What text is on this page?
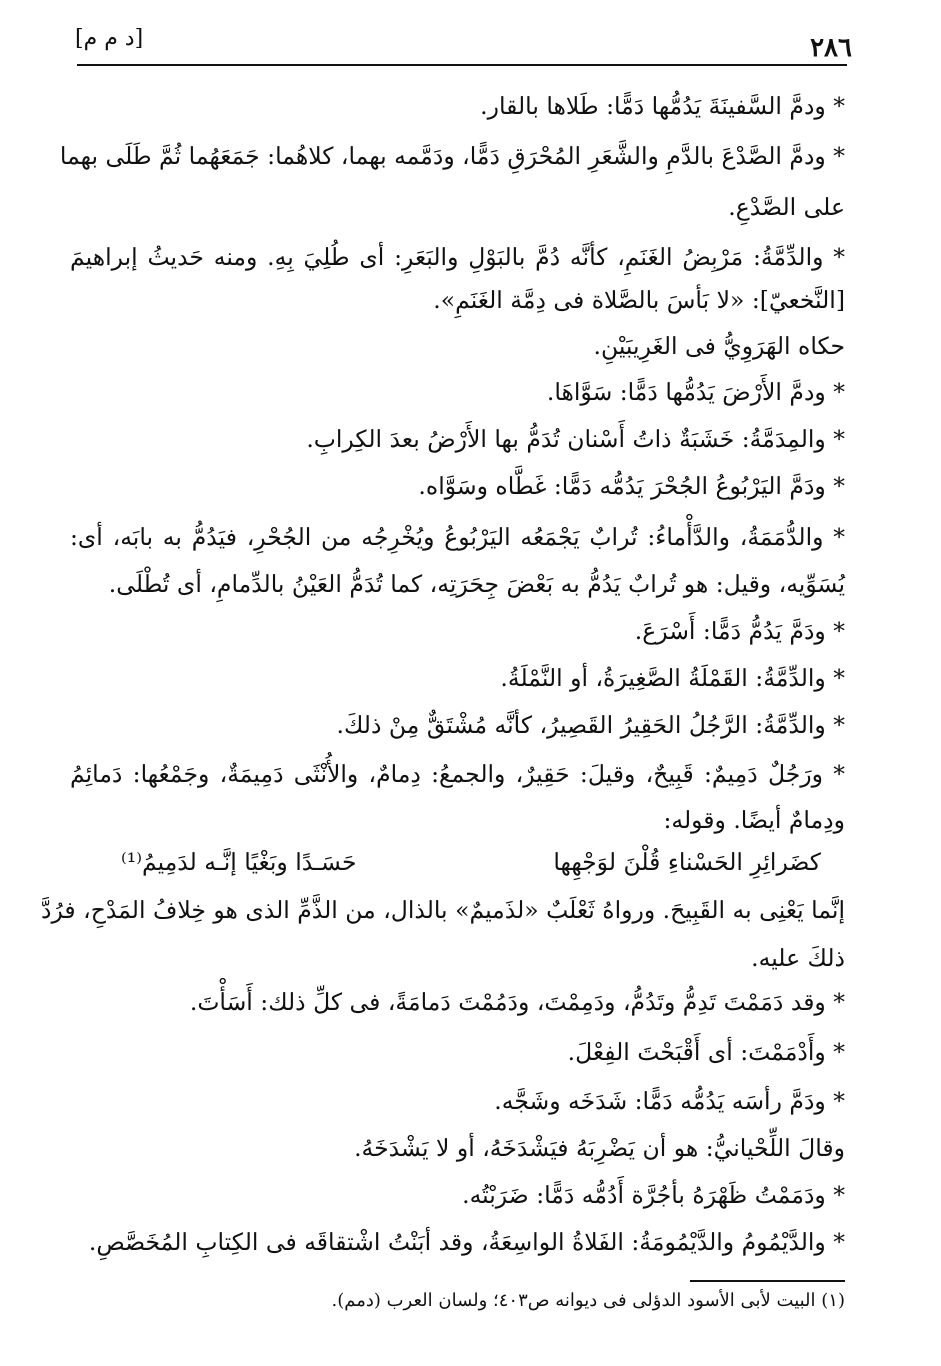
[د م م]	٢٨٦
* ودمَّ السَّفينَةَ يَدُمُّها دَمًّا: طَلاها بالقار.
* ودمَّ الصَّدْعَ بالدَّمِ والشَّعَرِ المُحْرَقِ دَمًّا، ودَمَّمه بهما، كلاهُما: جَمَعَهُما ثُمَّ طَلَى بهما
على الصَّدْعِ.
* والدِّمَّةُ: مَرْبِضُ الغَنَمِ، كأنَّه دُمَّ بالبَوْلِ والبَعَرِ: أى طُلِيَ بِهِ. ومنه حَديثُ إبراهيمَ
[النَّخعيّ]: «لا بَأسَ بالصَّلاة فى دِمَّة الغَنَمِ».
حكاه الهَرَوِيُّ فى الغَرِيبَيْنِ.
* ودمَّ الأَرْضَ يَدُمُّها دَمًّا: سَوَّاهَا.
* والمِدَمَّةُ: خَشَبَةٌ ذاتُ أَسْنان تُدَمُّ بها الأَرْضُ بعدَ الكِرابِ.
* ودَمَّ اليَرْبُوعُ الجُحْرَ يَدُمُّه دَمًّا: غَطَّاه وسَوَّاه.
* والدُّمَمَةُ، والدَّأْماءُ: تُرابٌ يَجْمَعُه اليَرْبُوعُ ويُخْرِجُه من الجُحْرِ، فيَدُمُّ به بابَه، أى:
يُسَوِّيه، وقيل: هو تُرابٌ يَدُمُّ به بَعْضَ جِحَرَتِه، كما تُدَمُّ العَيْنُ بالدِّمامِ، أى تُطْلَى.
* ودَمَّ يَدُمُّ دَمًّا: أَسْرَعَ.
* والدِّمَّةُ: القَمْلَةُ الصَّغِيرَةُ، أو النَّمْلَةُ.
* والدِّمَّةُ: الرَّجُلُ الحَقِيرُ القَصِيرُ، كأنَّه مُشْتَقٌّ مِنْ ذلكَ.
* ورَجُلٌ دَمِيمٌ: قَبِيحٌ، وقيلَ: حَقِيرٌ، والجمعُ: دِمامٌ، والأُنْثَى دَمِيمَةٌ، وجَمْعُها: دَمائِمُ
ودِمامٌ أيضًا. وقوله:
كضَرائِرِ الحَسْناءِ قُلْنَ لوَجْهِها
حَسَـدًا وبَغْيًا إنَّـه لدَمِيمُ⁽¹⁾
إنَّما يَعْنِى به القَبِيحَ. ورواهُ ثَعْلَبٌ «لذَميمٌ» بالذال، من الذَّمِّ الذى هو خِلافُ المَدْحِ، فرُدَّ
ذلكَ عليه.
* وقد دَمَمْتَ تَدِمُّ وتَدُمُّ، ودَمِمْتَ، ودَمُمْتَ دَمامَةً، فى كلِّ ذلك: أَسَأْتَ.
* وأَدْمَمْتَ: أى أَقْبَحْتَ الفِعْلَ.
* ودَمَّ رأسَه يَدُمُّه دَمًّا: شَدَخَه وشَجَّه.
وقالَ اللِّحْيانيُّ: هو أن يَضْرِبَهُ فيَشْدَخَهُ، أو لا يَشْدَخَهُ.
* ودَمَمْتُ ظَهْرَهُ بأجُرَّة أَدُمُّه دَمًّا: ضَرَبْتُه.
* والدَّيْمُومُ والدَّيْمُومَةُ: الفَلاةُ الواسِعَةُ، وقد أبَنْتُ اشْتقاقَه فى الكِتابِ المُخَصَّصِ.
(١) البيت لأبى الأسود الدؤلى فى ديوانه ص٤٠٣؛ ولسان العرب (دمم).
